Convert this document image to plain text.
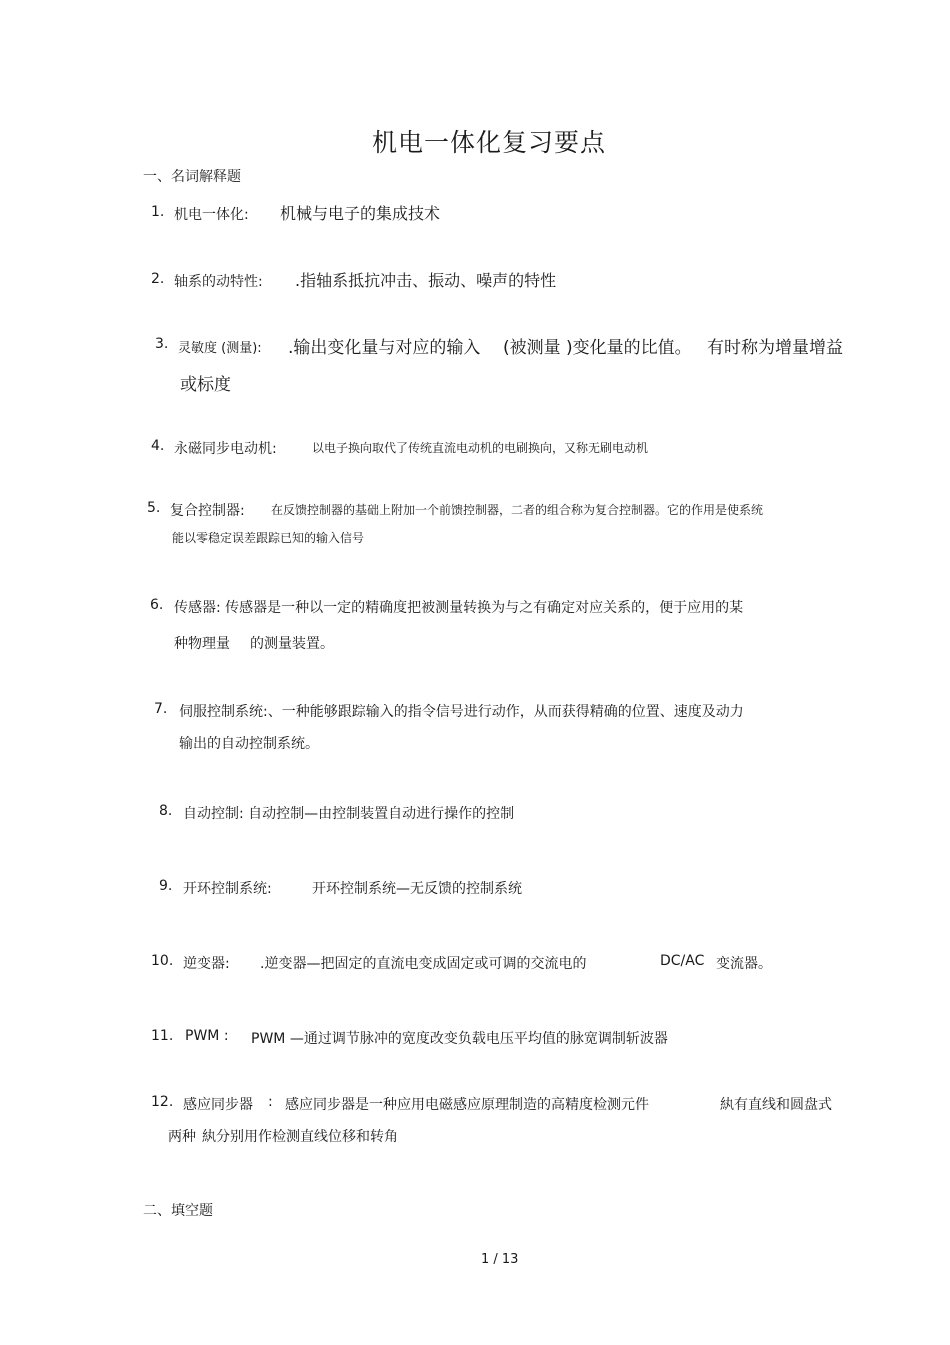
机电一体化复习要点
一、名词解释题
1. 机电一体化: 机械与电子的集成技术
2. 轴系的动特性: .指轴系抵抗冲击、振动、噪声的特性
3. 灵敏度 (测量): .输出变化量与对应的输入 (被测量 )变化量的比值。 有时称为增量增益
或标度
4. 永磁同步电动机:	以电子换向取代了传统直流电动机的电刷换向，又称无刷电动机
5. 复合控制器: 在反馈控制器的基础上附加一个前馈控制器，二者的组合称为复合控制器。它的作用是使系统
能以零稳定误差跟踪已知的输入信号
6. 传感器: 传感器是一种以一定的精确度把被测量转换为与之有确定对应关系的，便于应用的某
种物理量 的测量装置。
7. 伺服控制系统:、一种能够跟踪输入的指令信号进行动作，从而获得精确的位置、速度及动力
输出的自动控制系统。
8. 自动控制: 自动控制—由控制装置自动进行操作的控制
9. 开环控制系统:	开环控制系统—无反馈的控制系统
10. 逆变器: .逆变器—把固定的直流电变成固定或可调的交流电的	DC/AC 变流器。
11. PWM : PWM —通过调节脉冲的宽度改变负载电压平均值的脉宽调制斩波器
12. 感应同步器 : 感应同步器是一种应用电磁感应原理制造的高精度检测元件	紈有直线和圆盘式
两种 紈分别用作检测直线位移和转角
二、填空题
1 / 13
